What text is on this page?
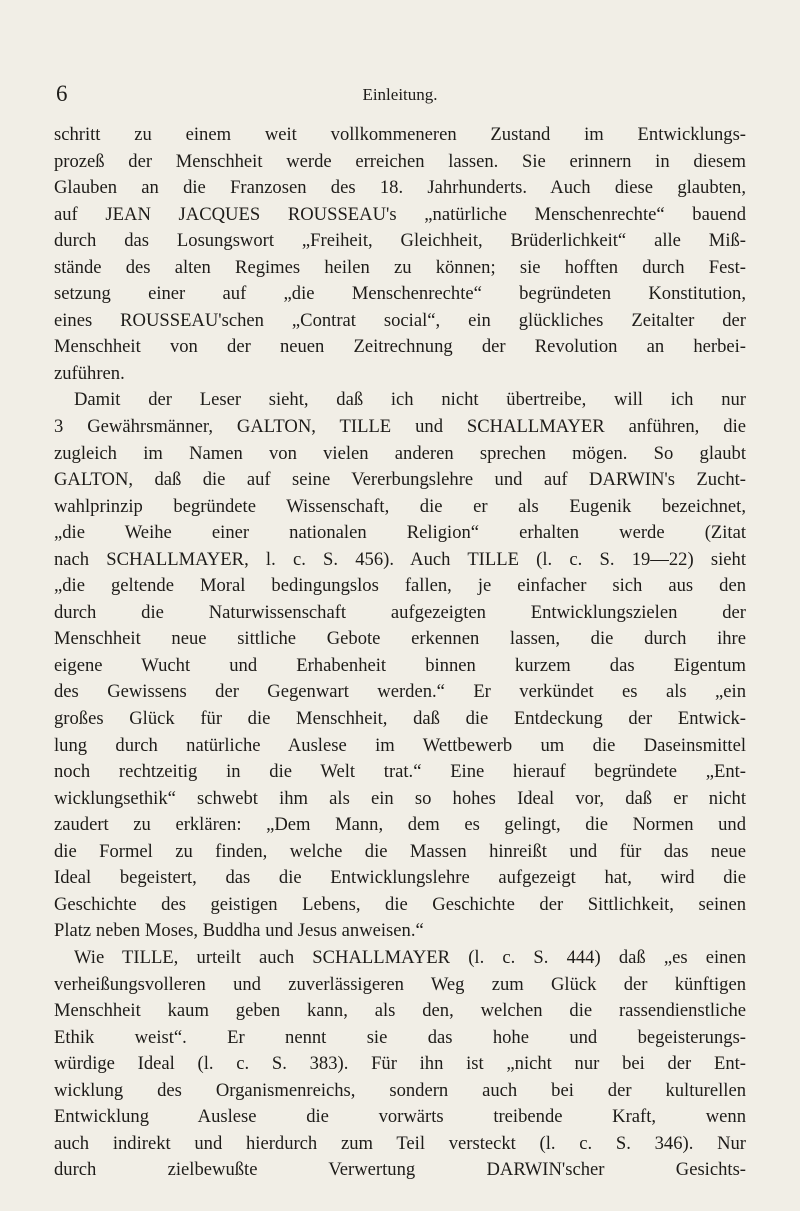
6	Einleitung.
schritt zu einem weit vollkommeneren Zustand im Entwicklungs-
prozeß der Menschheit werde erreichen lassen. Sie erinnern in diesem
Glauben an die Franzosen des 18. Jahrhunderts. Auch diese glaubten,
auf JEAN JACQUES ROUSSEAU's „natürliche Menschenrechte“ bauend
durch das Losungswort „Freiheit, Gleichheit, Brüderlichkeit“ alle Miß-
stände des alten Regimes heilen zu können; sie hofften durch Fest-
setzung einer auf „die Menschenrechte“ begründeten Konstitution,
eines ROUSSEAU'schen „Contrat social“, ein glückliches Zeitalter der
Menschheit von der neuen Zeitrechnung der Revolution an herbei-
zuführen.
Damit der Leser sieht, daß ich nicht übertreibe, will ich nur
3 Gewährsmänner, GALTON, TILLE und SCHALLMAYER anführen, die
zugleich im Namen von vielen anderen sprechen mögen. So glaubt
GALTON, daß die auf seine Vererbungslehre und auf DARWIN's Zucht-
wahlprinzip begründete Wissenschaft, die er als Eugenik bezeichnet,
„die Weihe einer nationalen Religion“ erhalten werde (Zitat
nach SCHALLMAYER, l. c. S. 456). Auch TILLE (l. c. S. 19—22) sieht
„die geltende Moral bedingungslos fallen, je einfacher sich aus den
durch die Naturwissenschaft aufgezeigten Entwicklungszielen der
Menschheit neue sittliche Gebote erkennen lassen, die durch ihre
eigene Wucht und Erhabenheit binnen kurzem das Eigentum
des Gewissens der Gegenwart werden.“ Er verkündet es als „ein
großes Glück für die Menschheit, daß die Entdeckung der Entwick-
lung durch natürliche Auslese im Wettbewerb um die Daseinsmittel
noch rechtzeitig in die Welt trat.“ Eine hierauf begründete „Ent-
wicklungsethik“ schwebt ihm als ein so hohes Ideal vor, daß er nicht
zaudert zu erklären: „Dem Mann, dem es gelingt, die Normen und
die Formel zu finden, welche die Massen hinreißt und für das neue
Ideal begeistert, das die Entwicklungslehre aufgezeigt hat, wird die
Geschichte des geistigen Lebens, die Geschichte der Sittlichkeit, seinen
Platz neben Moses, Buddha und Jesus anweisen.“
Wie TILLE, urteilt auch SCHALLMAYER (l. c. S. 444) daß „es einen
verheißungsvolleren und zuverlässigeren Weg zum Glück der künftigen
Menschheit kaum geben kann, als den, welchen die rassendienstliche
Ethik weist“. Er nennt sie das hohe und begeisterungs-
würdige Ideal (l. c. S. 383). Für ihn ist „nicht nur bei der Ent-
wicklung des Organismenreichs, sondern auch bei der kulturellen
Entwicklung Auslese die vorwärts treibende Kraft, wenn
auch indirekt und hierdurch zum Teil versteckt (l. c. S. 346). Nur
durch zielbewußte Verwertung DARWIN'scher Gesichts-
